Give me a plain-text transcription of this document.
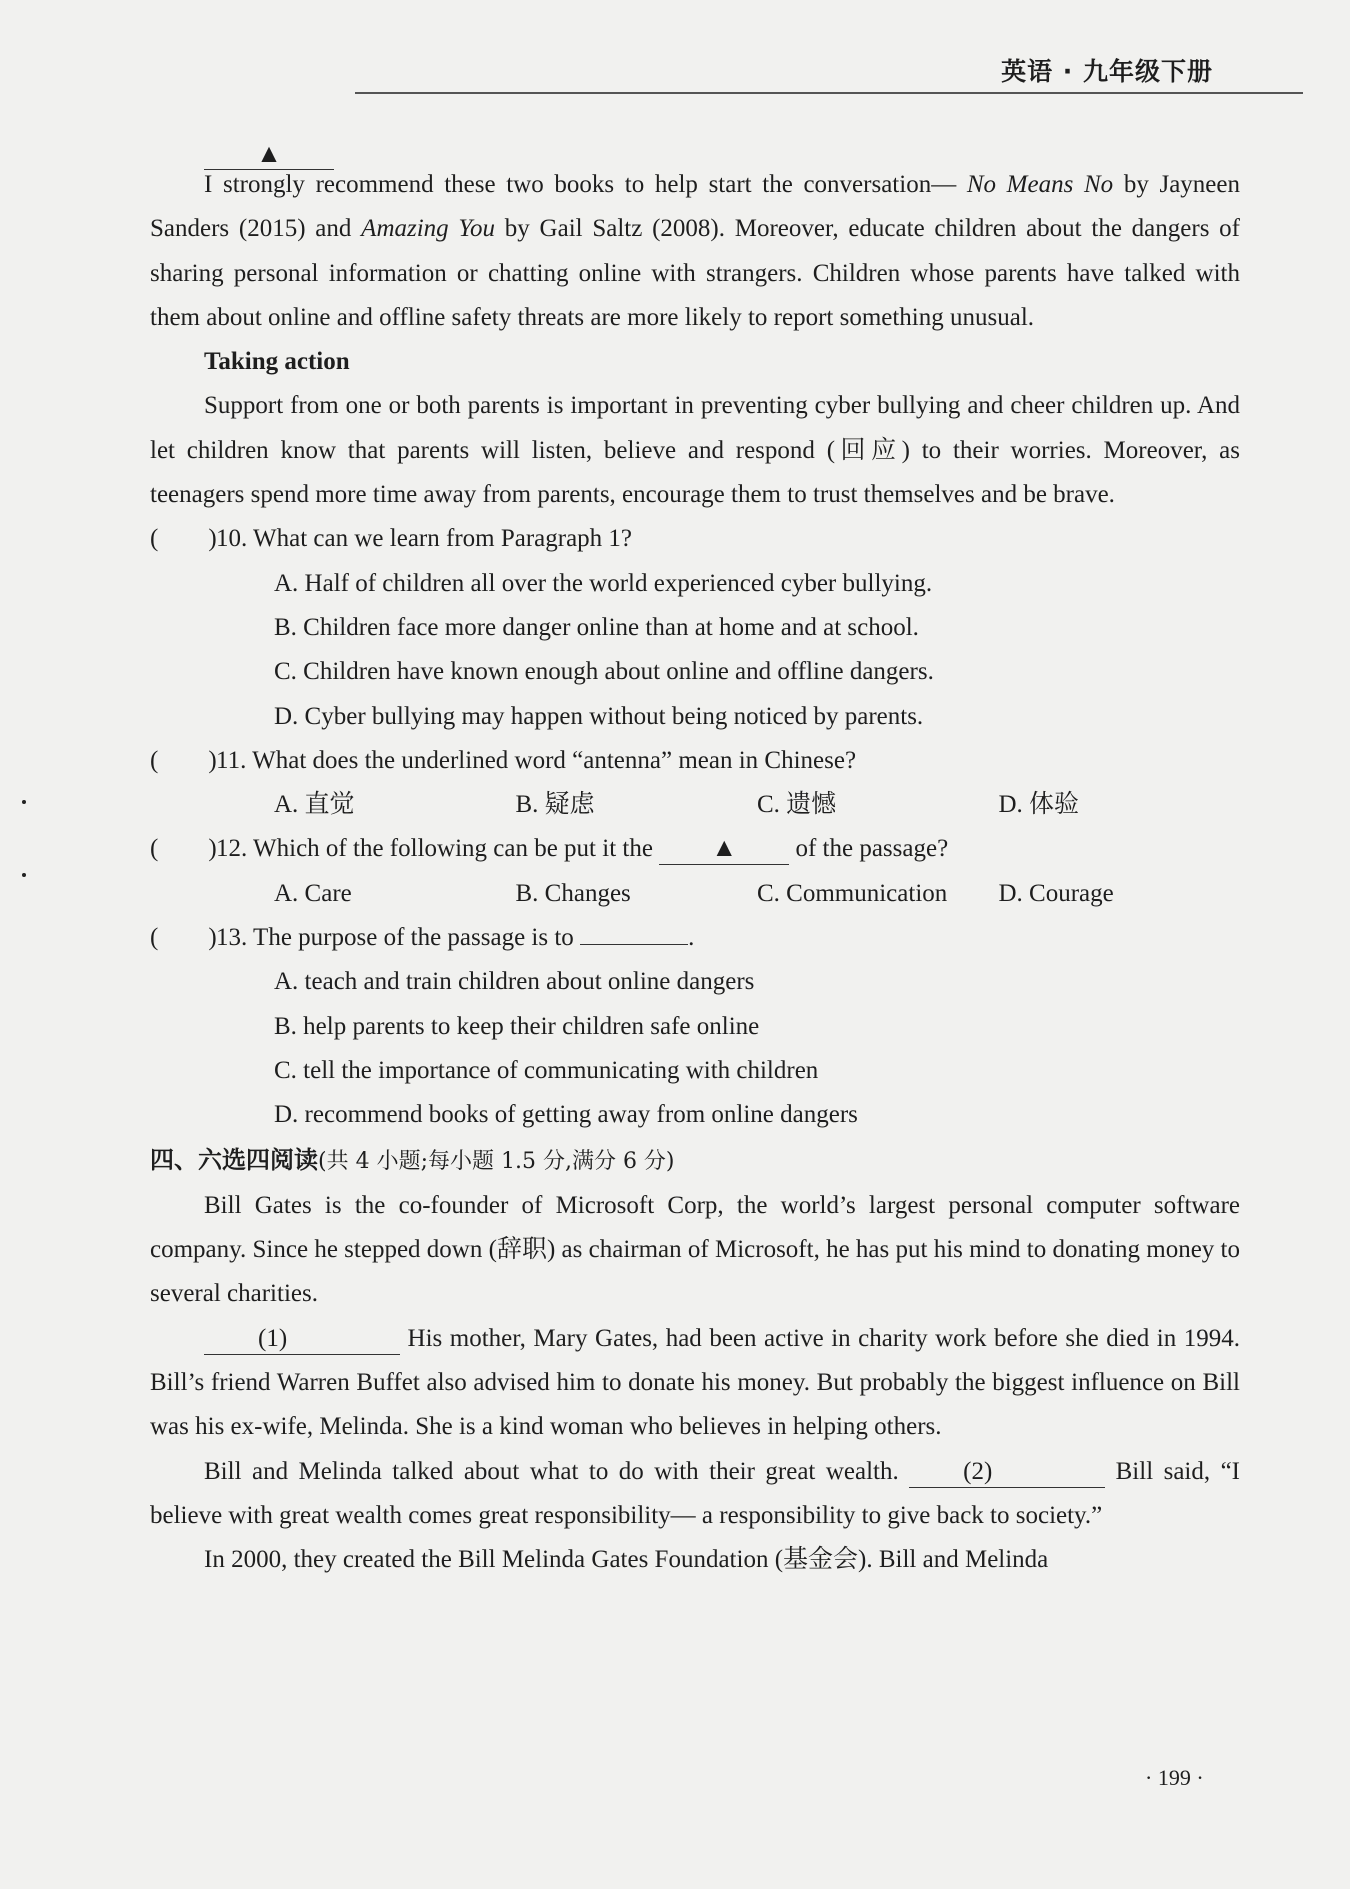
英语 · 九年级下册
▲

I strongly recommend these two books to help start the conversation— No Means No by Jayneen Sanders (2015) and Amazing You by Gail Saltz (2008). Moreover, educate children about the dangers of sharing personal information or chatting online with strangers. Children whose parents have talked with them about online and offline safety threats are more likely to report something unusual.

Taking action

Support from one or both parents is important in preventing cyber bullying and cheer children up. And let children know that parents will listen, believe and respond (回应) to their worries. Moreover, as teenagers spend more time away from parents, encourage them to trust themselves and be brave.

(　　) 10. What can we learn from Paragraph 1?
A. Half of children all over the world experienced cyber bullying.
B. Children face more danger online than at home and at school.
C. Children have known enough about online and offline dangers.
D. Cyber bullying may happen without being noticed by parents.
(　　) 11. What does the underlined word “antenna” mean in Chinese?
A. 直觉	B. 疑虑	C. 遗憾	D. 体验
(　　) 12. Which of the following can be put it the ▲ of the passage?
A. Care	B. Changes	C. Communication	D. Courage
(　　) 13. The purpose of the passage is to	.
A. teach and train children about online dangers
B. help parents to keep their children safe online
C. tell the importance of communicating with children
D. recommend books of getting away from online dangers
四、六选四阅读(共 4 小题;每小题 1.5 分,满分 6 分)

Bill Gates is the co-founder of Microsoft Corp, the world’s largest personal computer software company. Since he stepped down (辞职) as chairman of Microsoft, he has put his mind to donating money to several charities.

(1)	His mother, Mary Gates, had been active in charity work before she died in 1994. Bill’s friend Warren Buffet also advised him to donate his money. But probably the biggest influence on Bill was his ex-wife, Melinda. She is a kind woman who believes in helping others.

Bill and Melinda talked about what to do with their great wealth. (2)	Bill said, “I believe with great wealth comes great responsibility— a responsibility to give back to society.”

In 2000, they created the Bill Melinda Gates Foundation (基金会). Bill and Melinda

· 199 ·
